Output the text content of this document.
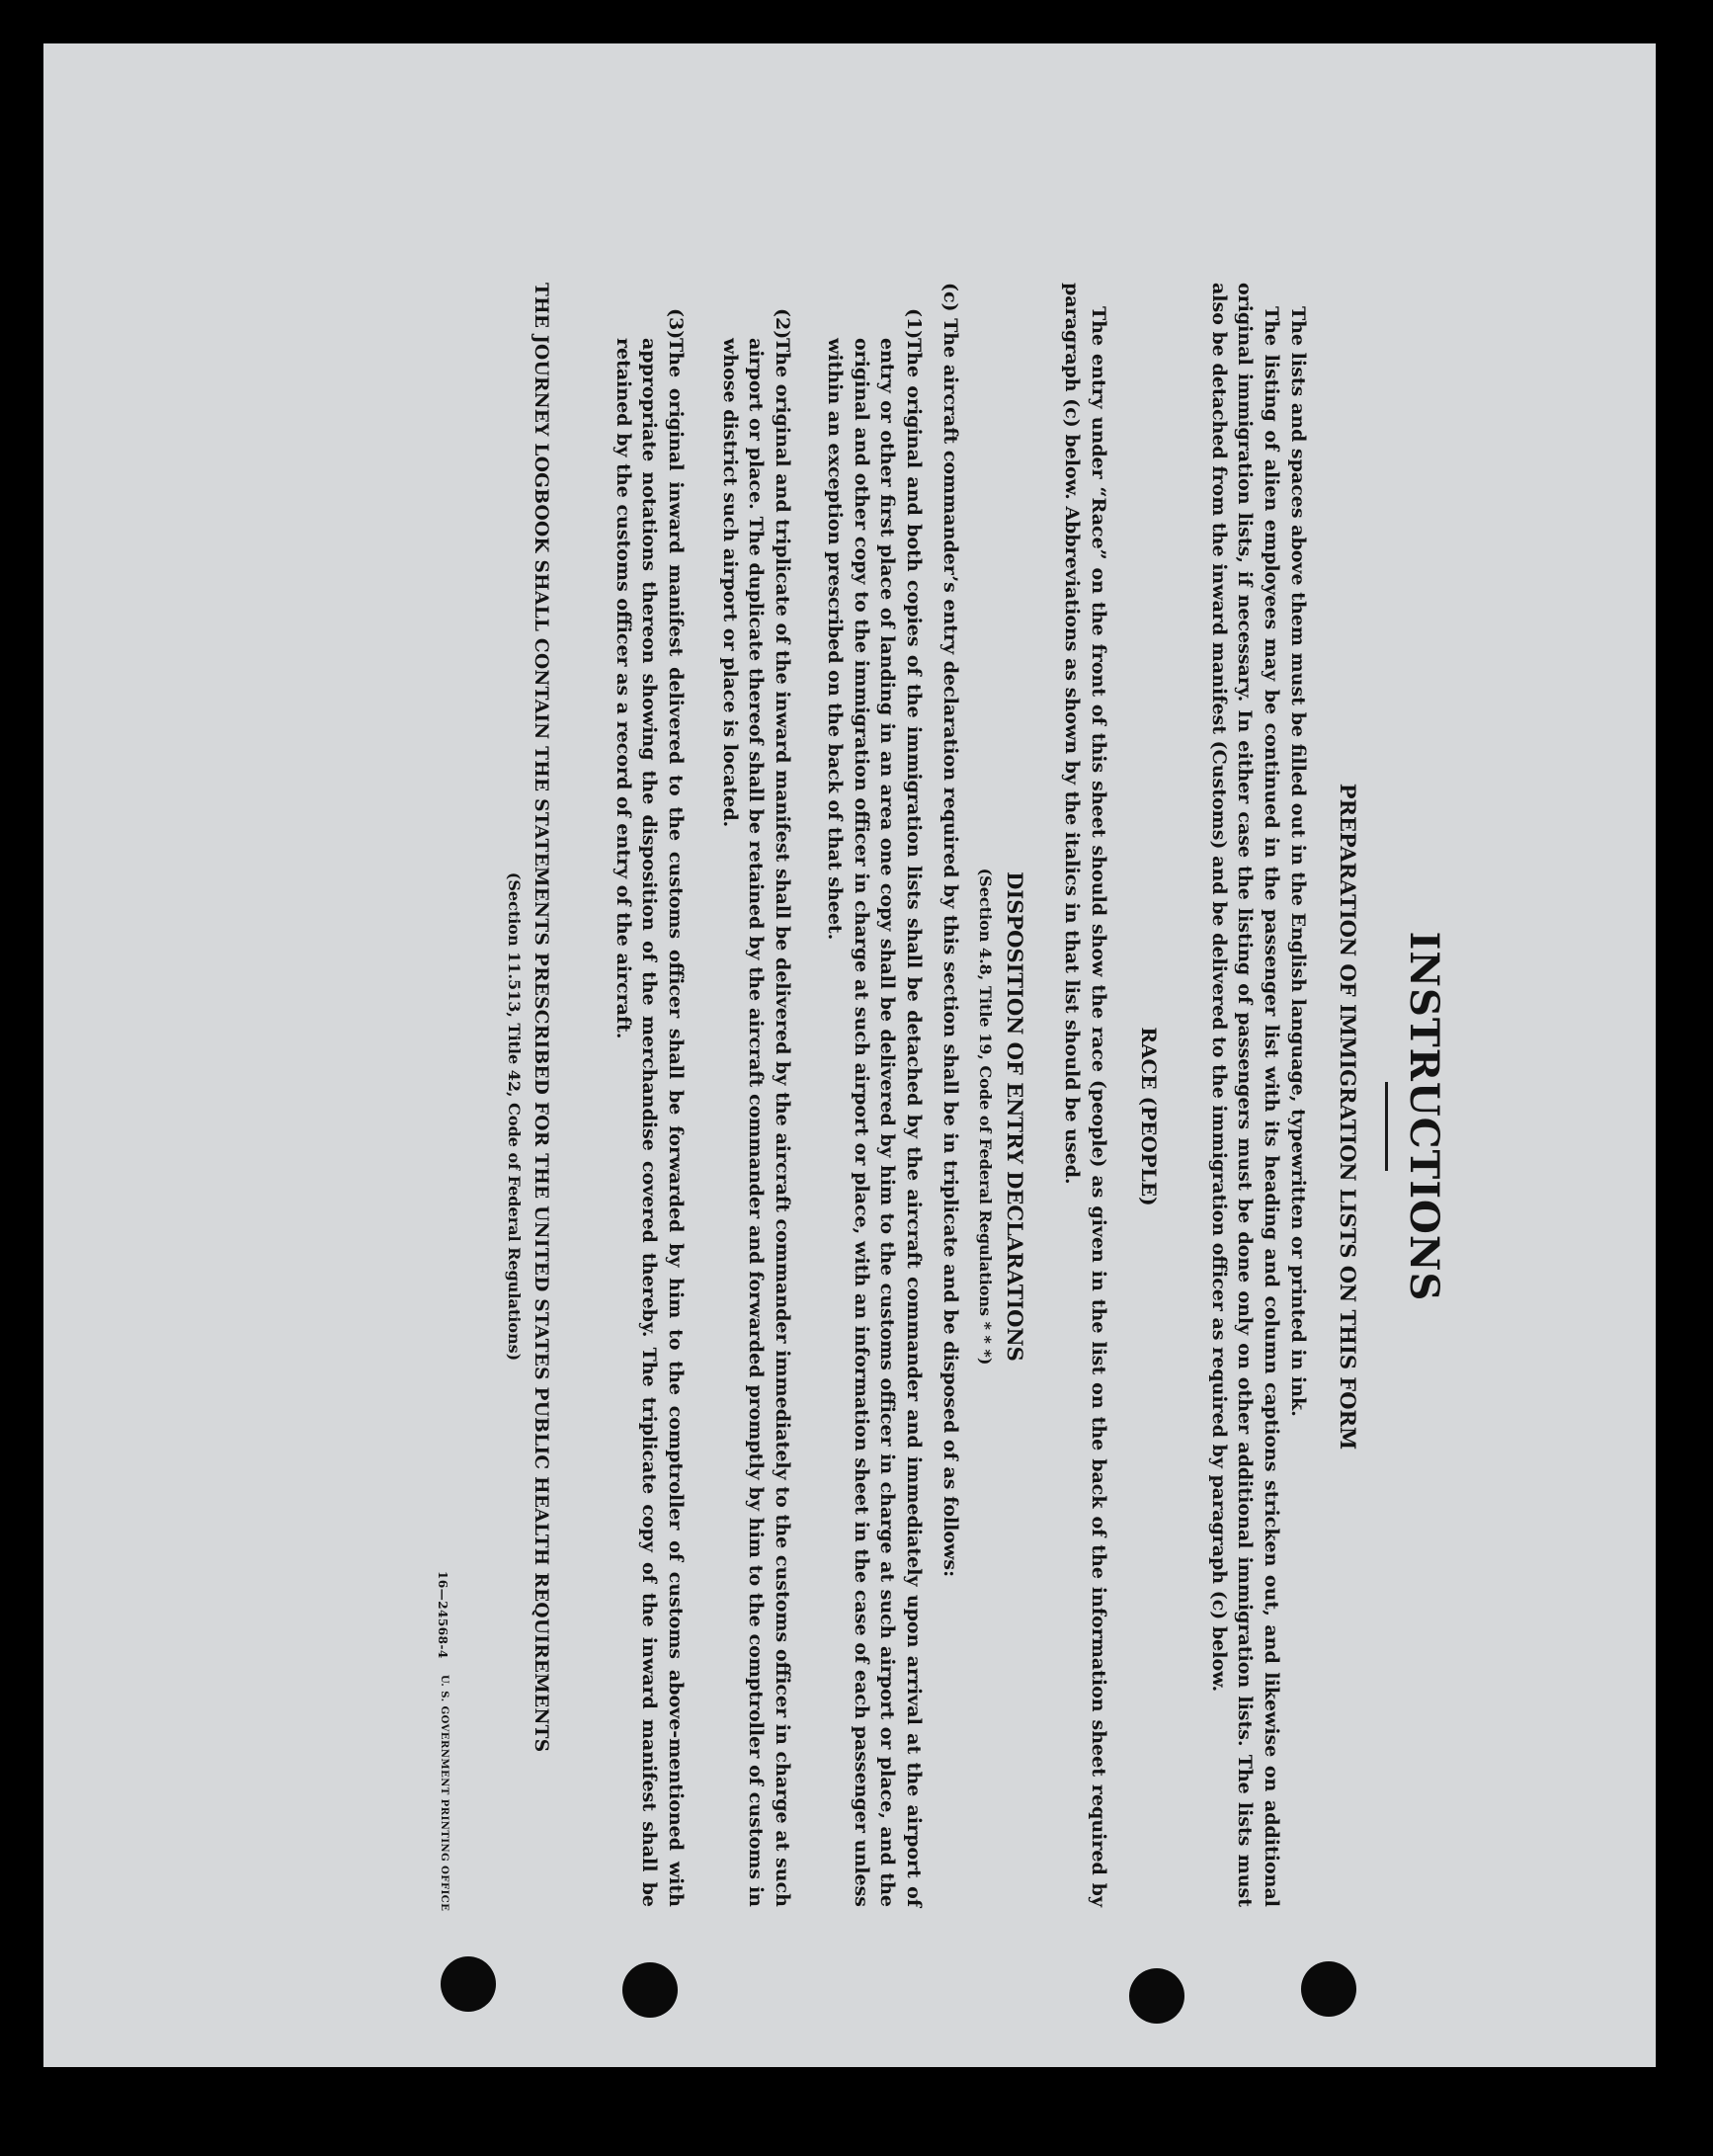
INSTRUCTIONS
PREPARATION OF IMMIGRATION LISTS ON THIS FORM
The lists and spaces above them must be filled out in the English language, typewritten or printed in ink.
The listing of alien employees may be continued in the passenger list with its heading and column captions stricken out, and likewise on additional original immigration lists, if necessary. In either case the listing of passengers must be done only on other additional immigration lists. The lists must also be detached from the inward manifest (Customs) and be delivered to the immigration officer as required by paragraph (c) below.
RACE (PEOPLE)
The entry under “Race” on the front of this sheet should show the race (people) as given in the list on the back of the information sheet required by paragraph (c) below. Abbreviations as shown by the italics in that list should be used.
DISPOSITION OF ENTRY DECLARATIONS
(Section 4.8, Title 19, Code of Federal Regulations * * *)
(c) The aircraft commander’s entry declaration required by this section shall be in triplicate and be disposed of as follows:
(1)
The original and both copies of the immigration lists shall be detached by the aircraft commander and immediately upon arrival at the airport of entry or other first place of landing in an area one copy shall be delivered by him to the customs officer in charge at such airport or place, and the original and other copy to the immigration officer in charge at such airport or place, with an information sheet in the case of each passenger unless within an exception prescribed on the back of that sheet.
(2)
The original and triplicate of the inward manifest shall be delivered by the aircraft commander immediately to the customs officer in charge at such airport or place. The duplicate thereof shall be retained by the aircraft commander and forwarded promptly by him to the comptroller of customs in whose district such airport or place is located.
(3)
The original inward manifest delivered to the customs officer shall be forwarded by him to the comptroller of customs above-mentioned with appropriate notations thereon showing the disposition of the merchandise covered thereby. The triplicate copy of the inward manifest shall be retained by the customs officer as a record of entry of the aircraft.
THE JOURNEY LOGBOOK SHALL CONTAIN THE STATEMENTS PRESCRIBED FOR THE UNITED STATES PUBLIC HEALTH REQUIREMENTS
(Section 11.513, Title 42, Code of Federal Regulations)
16—24568-4
U. S. GOVERNMENT PRINTING OFFICE
